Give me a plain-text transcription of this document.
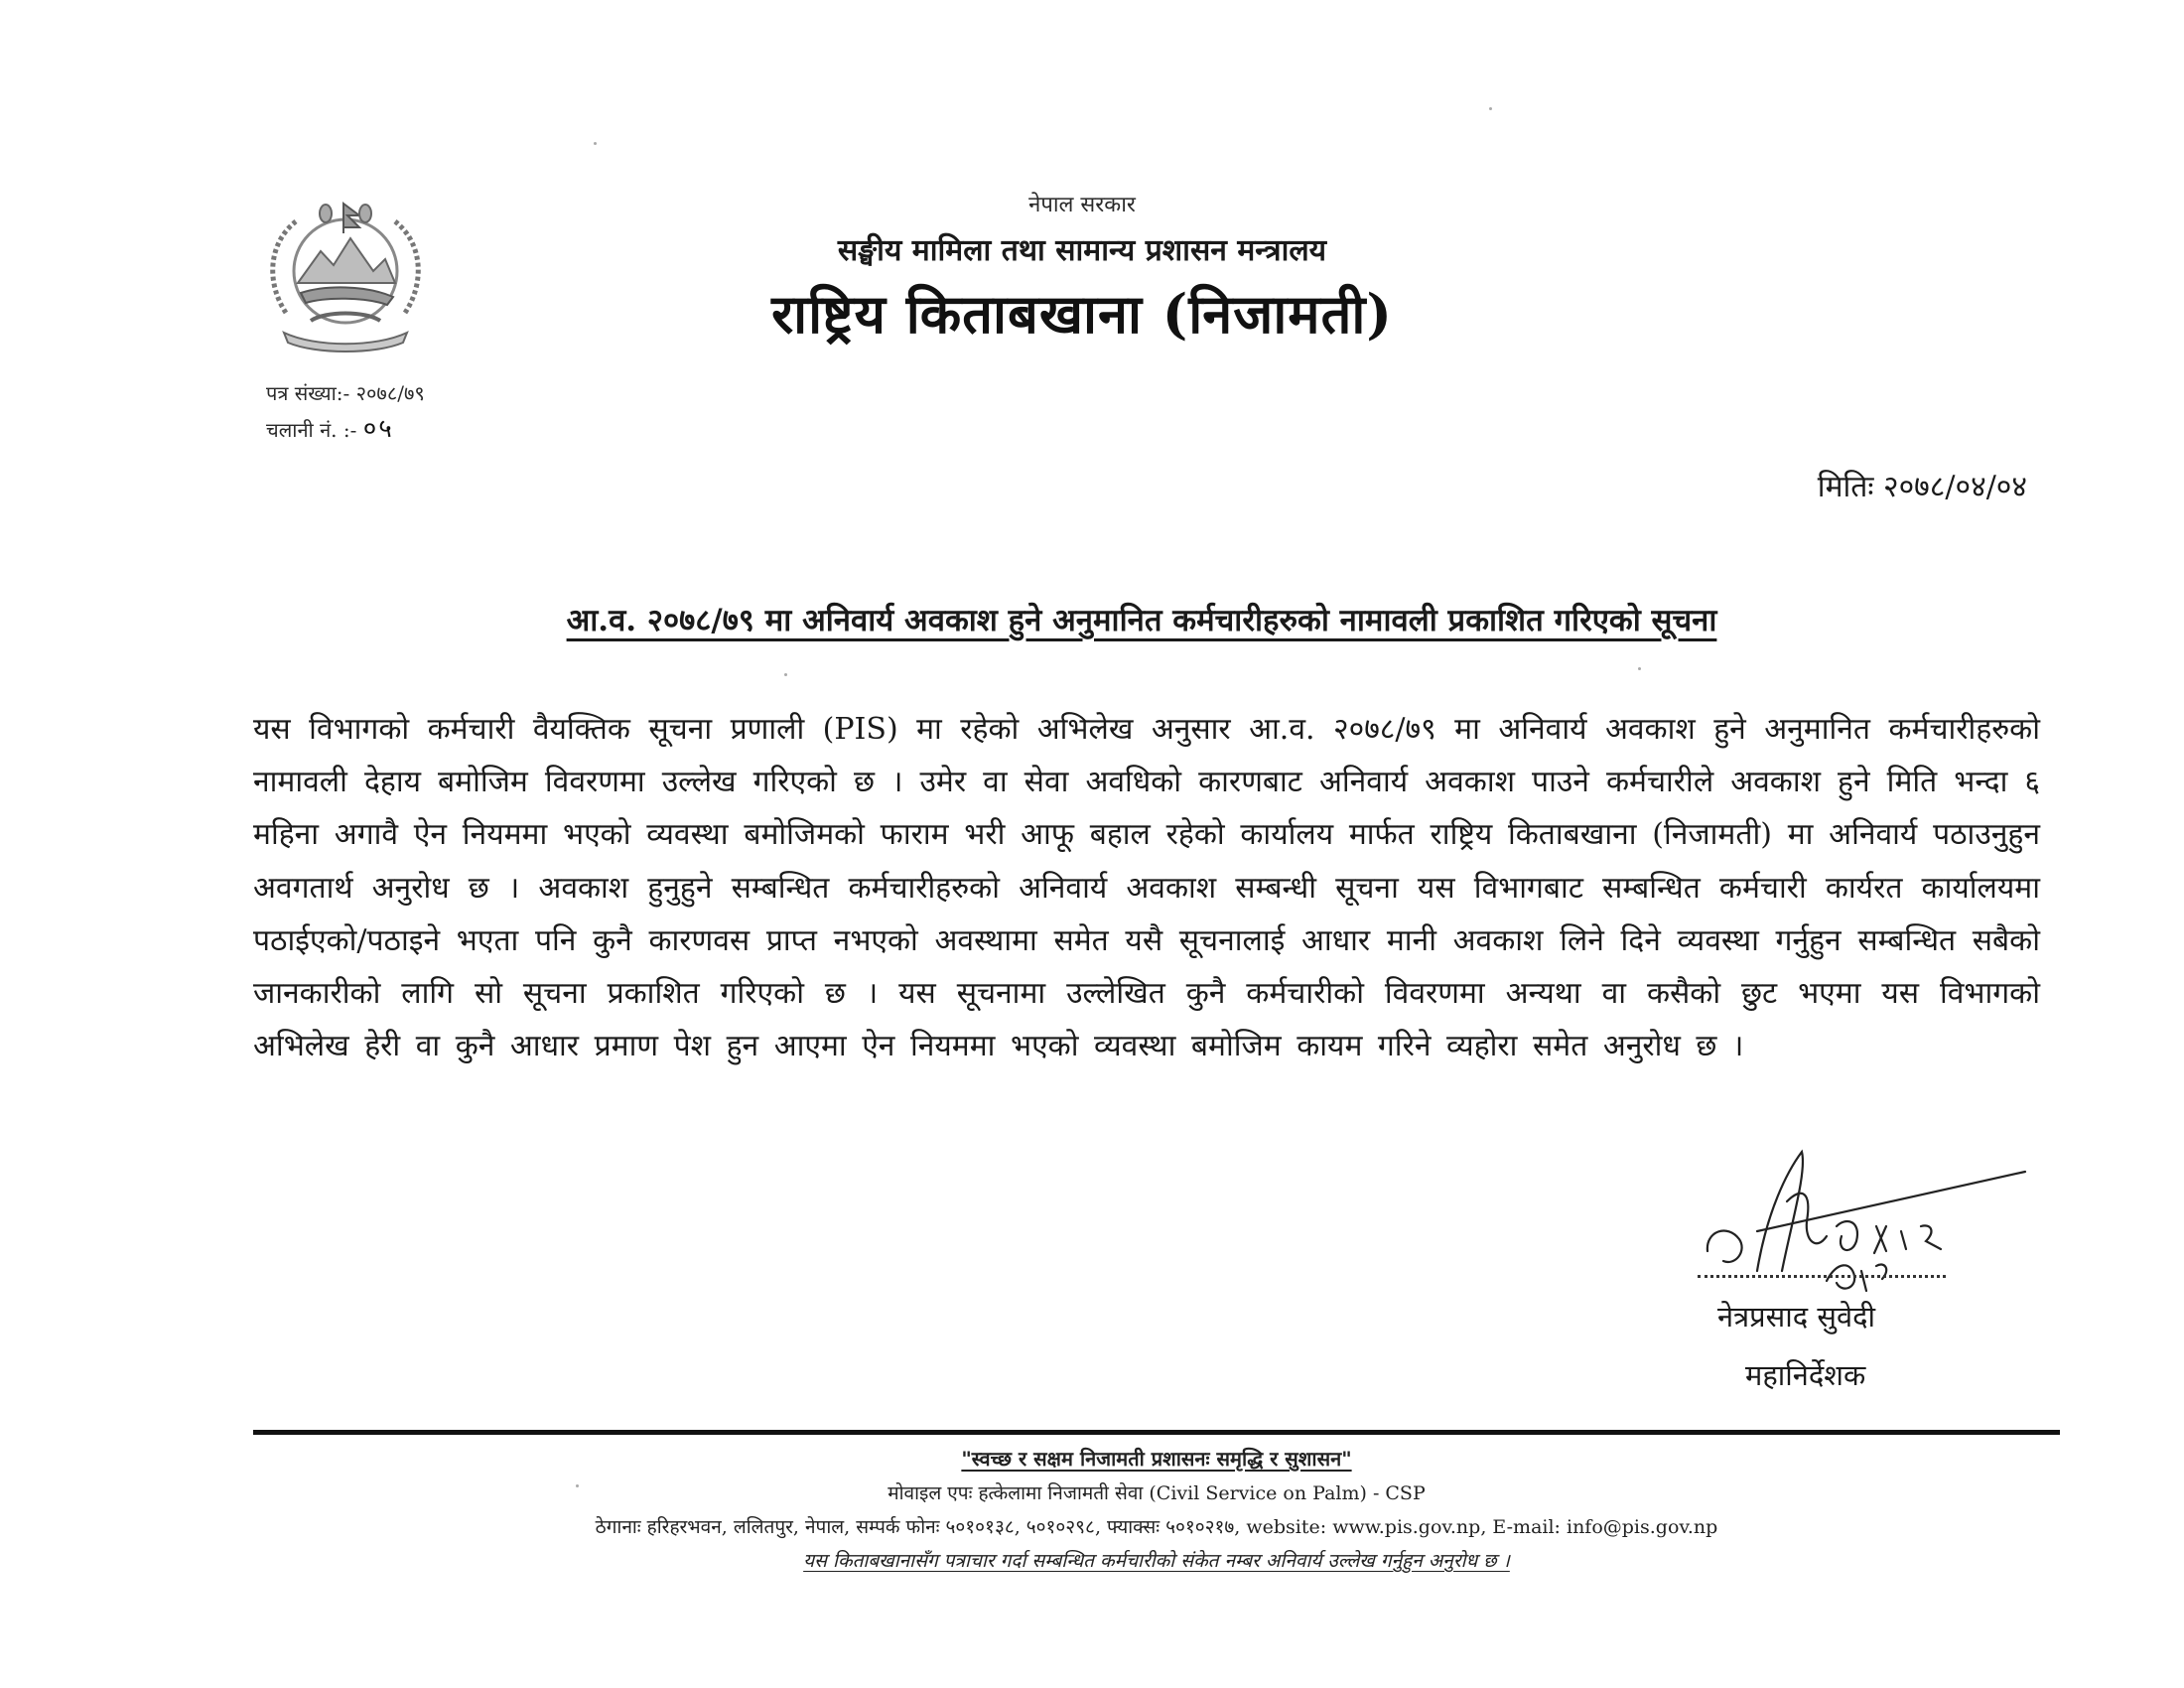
नेपाल सरकार
सङ्घीय मामिला तथा सामान्य प्रशासन मन्त्रालय
राष्ट्रिय किताबखाना (निजामती)
पत्र संख्या:- २०७८/७९
चलानी नं. :- ०५
मितिः २०७८/०४/०४
आ.व. २०७८/७९ मा अनिवार्य अवकाश हुने अनुमानित कर्मचारीहरुको नामावली प्रकाशित गरिएको सूचना
यस विभागको कर्मचारी वैयक्तिक सूचना प्रणाली (PIS) मा रहेको अभिलेख अनुसार आ.व. २०७८/७९ मा अनिवार्य अवकाश हुने अनुमानित कर्मचारीहरुको नामावली देहाय बमोजिम विवरणमा उल्लेख गरिएको छ । उमेर वा सेवा अवधिको कारणबाट अनिवार्य अवकाश पाउने कर्मचारीले अवकाश हुने मिति भन्दा ६ महिना अगावै ऐन नियममा भएको व्यवस्था बमोजिमको फाराम भरी आफू बहाल रहेको कार्यालय मार्फत राष्ट्रिय किताबखाना (निजामती) मा अनिवार्य पठाउनुहुन अवगतार्थ अनुरोध छ । अवकाश हुनुहुने सम्बन्धित कर्मचारीहरुको अनिवार्य अवकाश सम्बन्धी सूचना यस विभागबाट सम्बन्धित कर्मचारी कार्यरत कार्यालयमा पठाईएको/पठाइने भएता पनि कुनै कारणवस प्राप्त नभएको अवस्थामा समेत यसै सूचनालाई आधार मानी अवकाश लिने दिने व्यवस्था गर्नुहुन सम्बन्धित सबैको जानकारीको लागि सो सूचना प्रकाशित गरिएको छ । यस सूचनामा उल्लेखित कुनै कर्मचारीको विवरणमा अन्यथा वा कसैको छुट भएमा यस विभागको अभिलेख हेरी वा कुनै आधार प्रमाण पेश हुन आएमा ऐन नियममा भएको व्यवस्था बमोजिम कायम गरिने व्यहोरा समेत अनुरोध छ ।
नेत्रप्रसाद सुवेदी
महानिर्देशक
"स्वच्छ र सक्षम निजामती प्रशासनः समृद्धि र सुशासन"
मोवाइल एपः हत्केलामा निजामती सेवा (Civil Service on Palm) - CSP
ठेगानाः हरिहरभवन, ललितपुर, नेपाल, सम्पर्क फोनः ५०१०१३८, ५०१०२९८, फ्याक्सः ५०१०२१७, website: www.pis.gov.np, E-mail: info@pis.gov.np
यस किताबखानासँग पत्राचार गर्दा सम्बन्धित कर्मचारीको संकेत नम्बर अनिवार्य उल्लेख गर्नुहुन अनुरोध छ ।
